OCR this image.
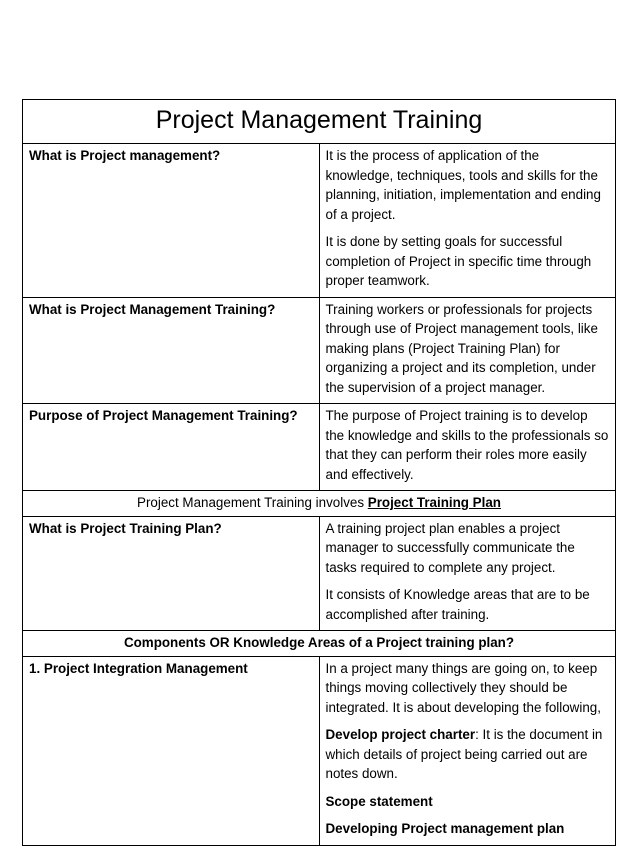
Project Management Training	
What is Project management?	It is the process of application of the knowledge, techniques, tools and skills for the planning, initiation, implementation and ending of a project.

It is done by setting goals for successful completion of Project in specific time through proper teamwork.

What is Project Management Training?	Training workers or professionals for projects through use of Project management tools, like making plans (Project Training Plan) for organizing a project and its completion, under the supervision of a project manager.

Purpose of Project Management Training?	The purpose of Project training is to develop the knowledge and skills to the professionals so that they can perform their roles more easily and effectively.

Project Management Training involves Project Training Plan	
What is Project Training Plan?	A training project plan enables a project manager to successfully communicate the tasks required to complete any project.

It consists of Knowledge areas that are to be accomplished after training.

Components OR Knowledge Areas of a Project training plan?	
1. Project Integration Management	In a project many things are going on, to keep things moving collectively they should be integrated. It is about developing the following,

Develop project charter: It is the document in which details of project being carried out are notes down.

Scope statement

Developing Project management plan
